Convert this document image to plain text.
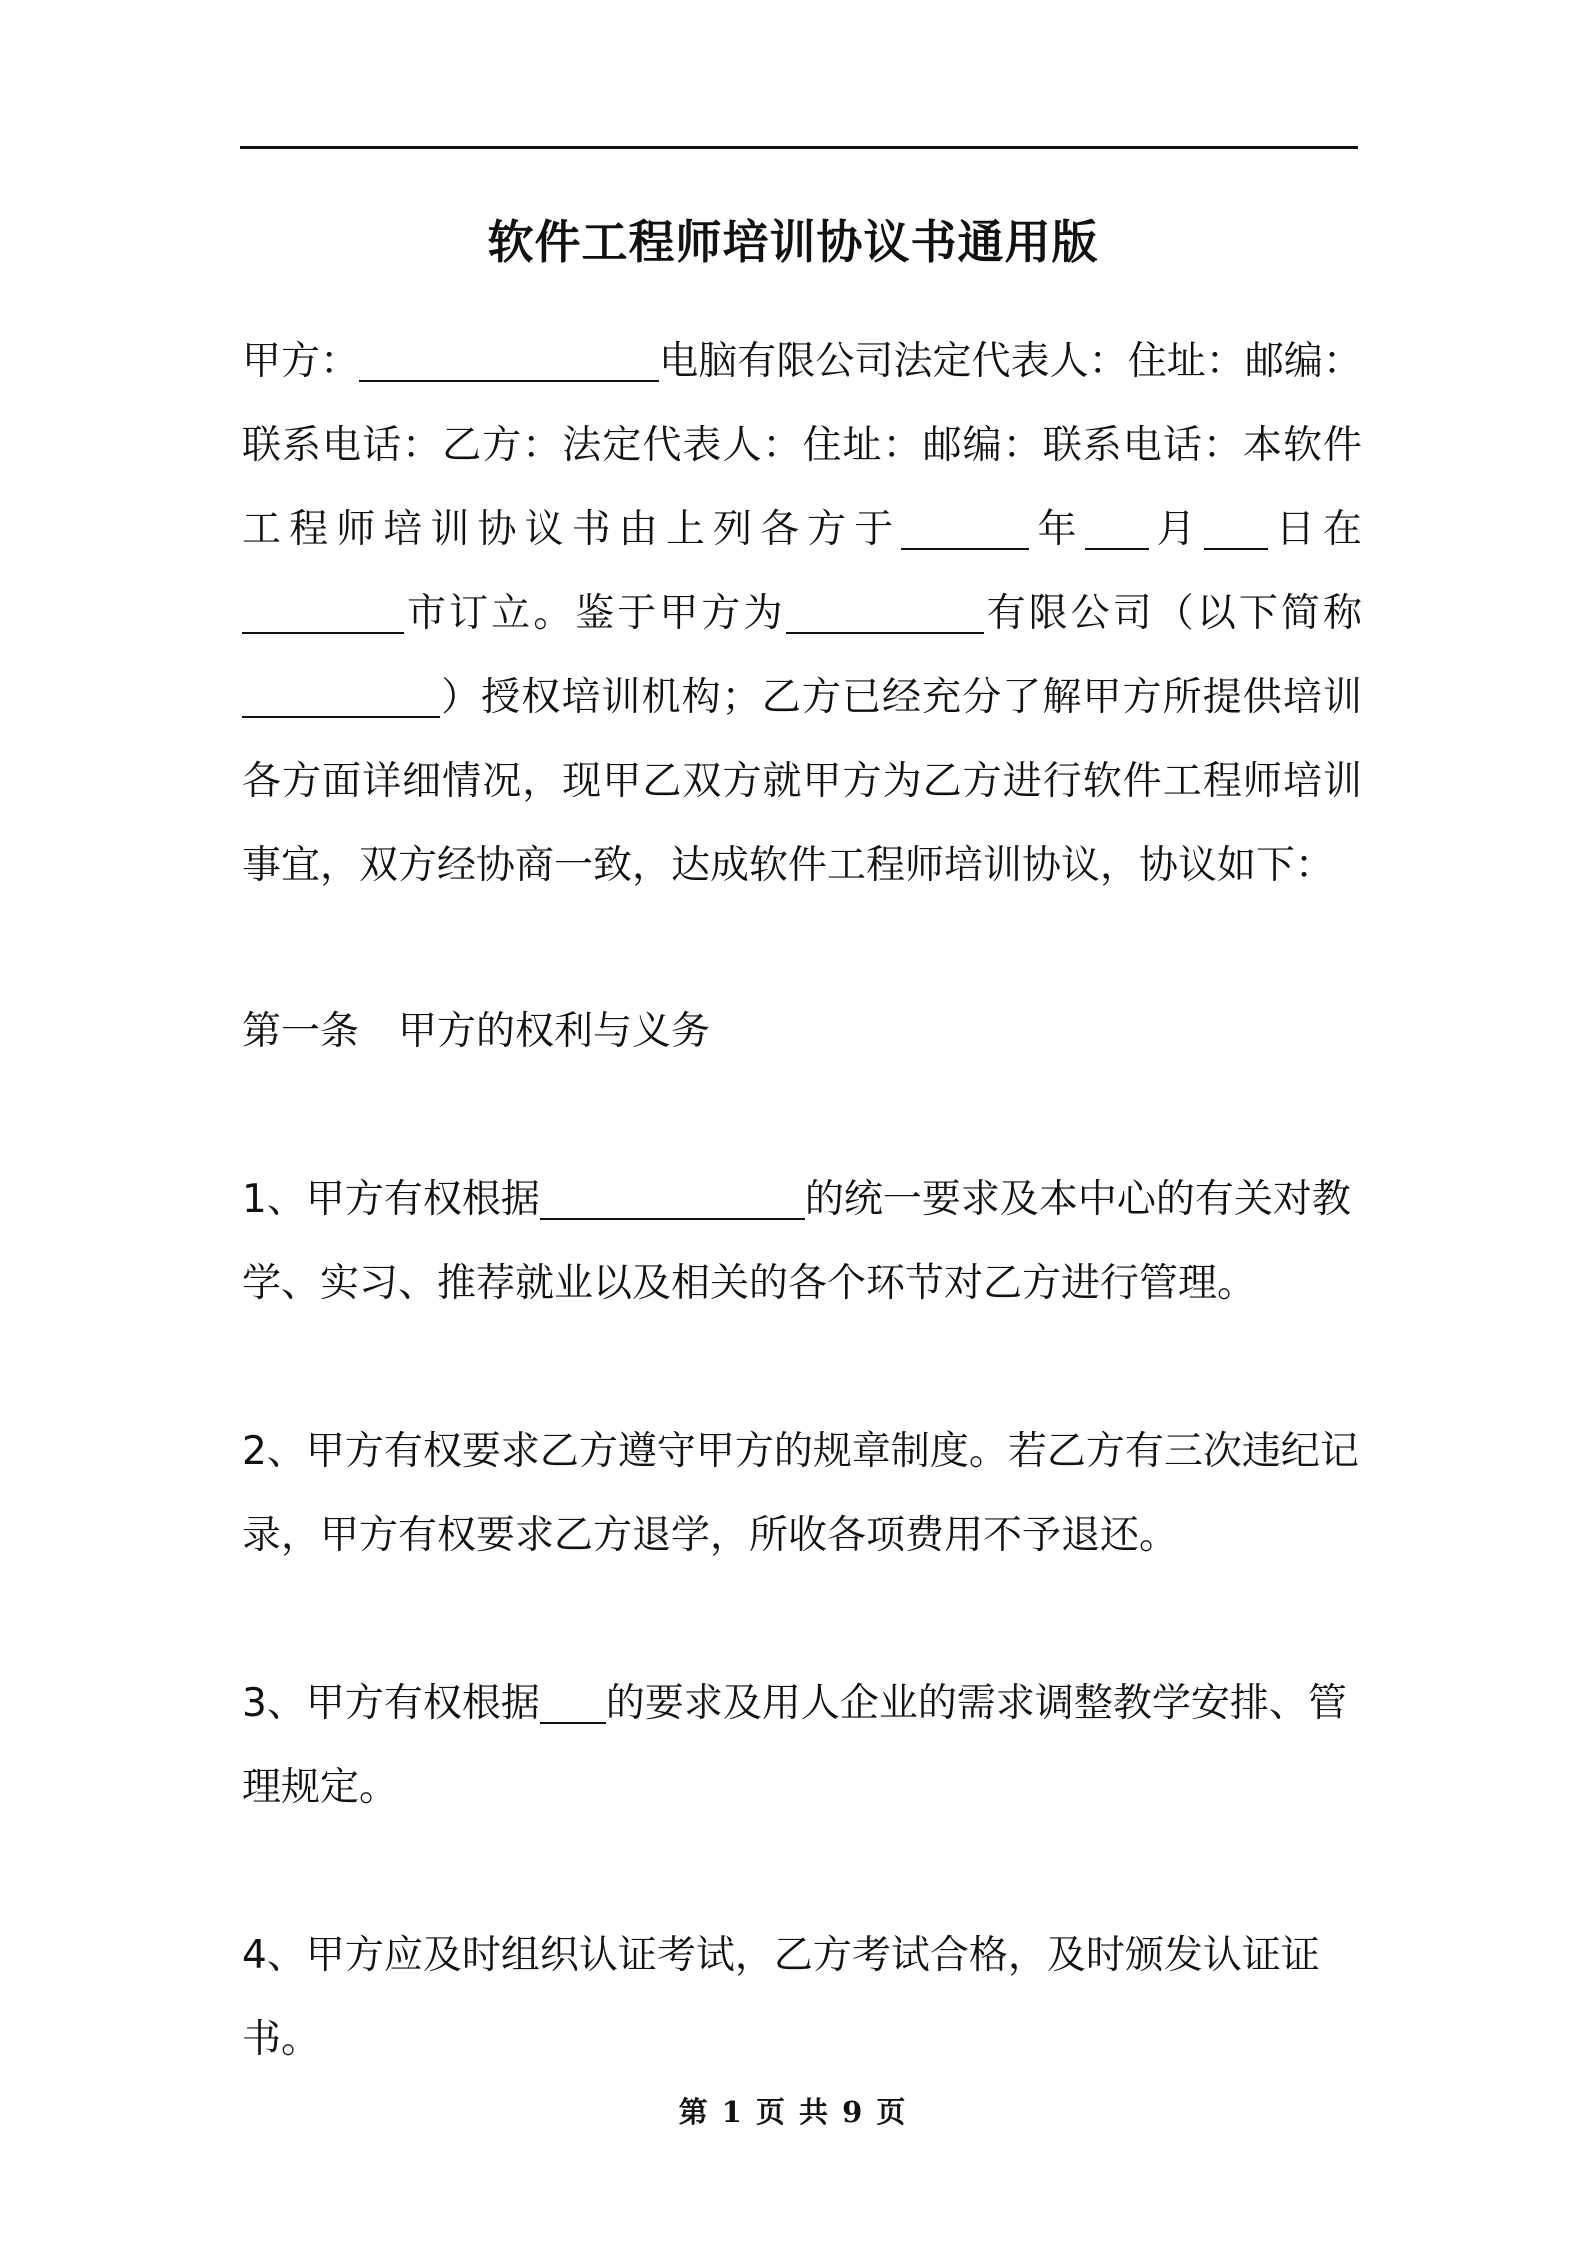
软件工程师培训协议书通用版

甲方：	电脑有限公司法定代表人：住址：邮编：联系电话：乙方：法定代表人：住址：邮编：联系电话：本软件工程师培训协议书由上列各方于	年 月 日在市订立。鉴于甲方为	有限公司（以下简称）授权培训机构；乙方已经充分了解甲方所提供培训各方面详细情况，现甲乙双方就甲方为乙方进行软件工程师培训事宜，双方经协商一致，达成软件工程师培训协议，协议如下：

第一条　甲方的权利与义务

1、甲方有权根据	的统一要求及本中心的有关对教学、实习、推荐就业以及相关的各个环节对乙方进行管理。

2、甲方有权要求乙方遵守甲方的规章制度。若乙方有三次违纪记录，甲方有权要求乙方退学，所收各项费用不予退还。

3、甲方有权根据 的要求及用人企业的需求调整教学安排、管理规定。

4、甲方应及时组织认证考试，乙方考试合格，及时颁发认证证书。

第 1 页 共 9 页
